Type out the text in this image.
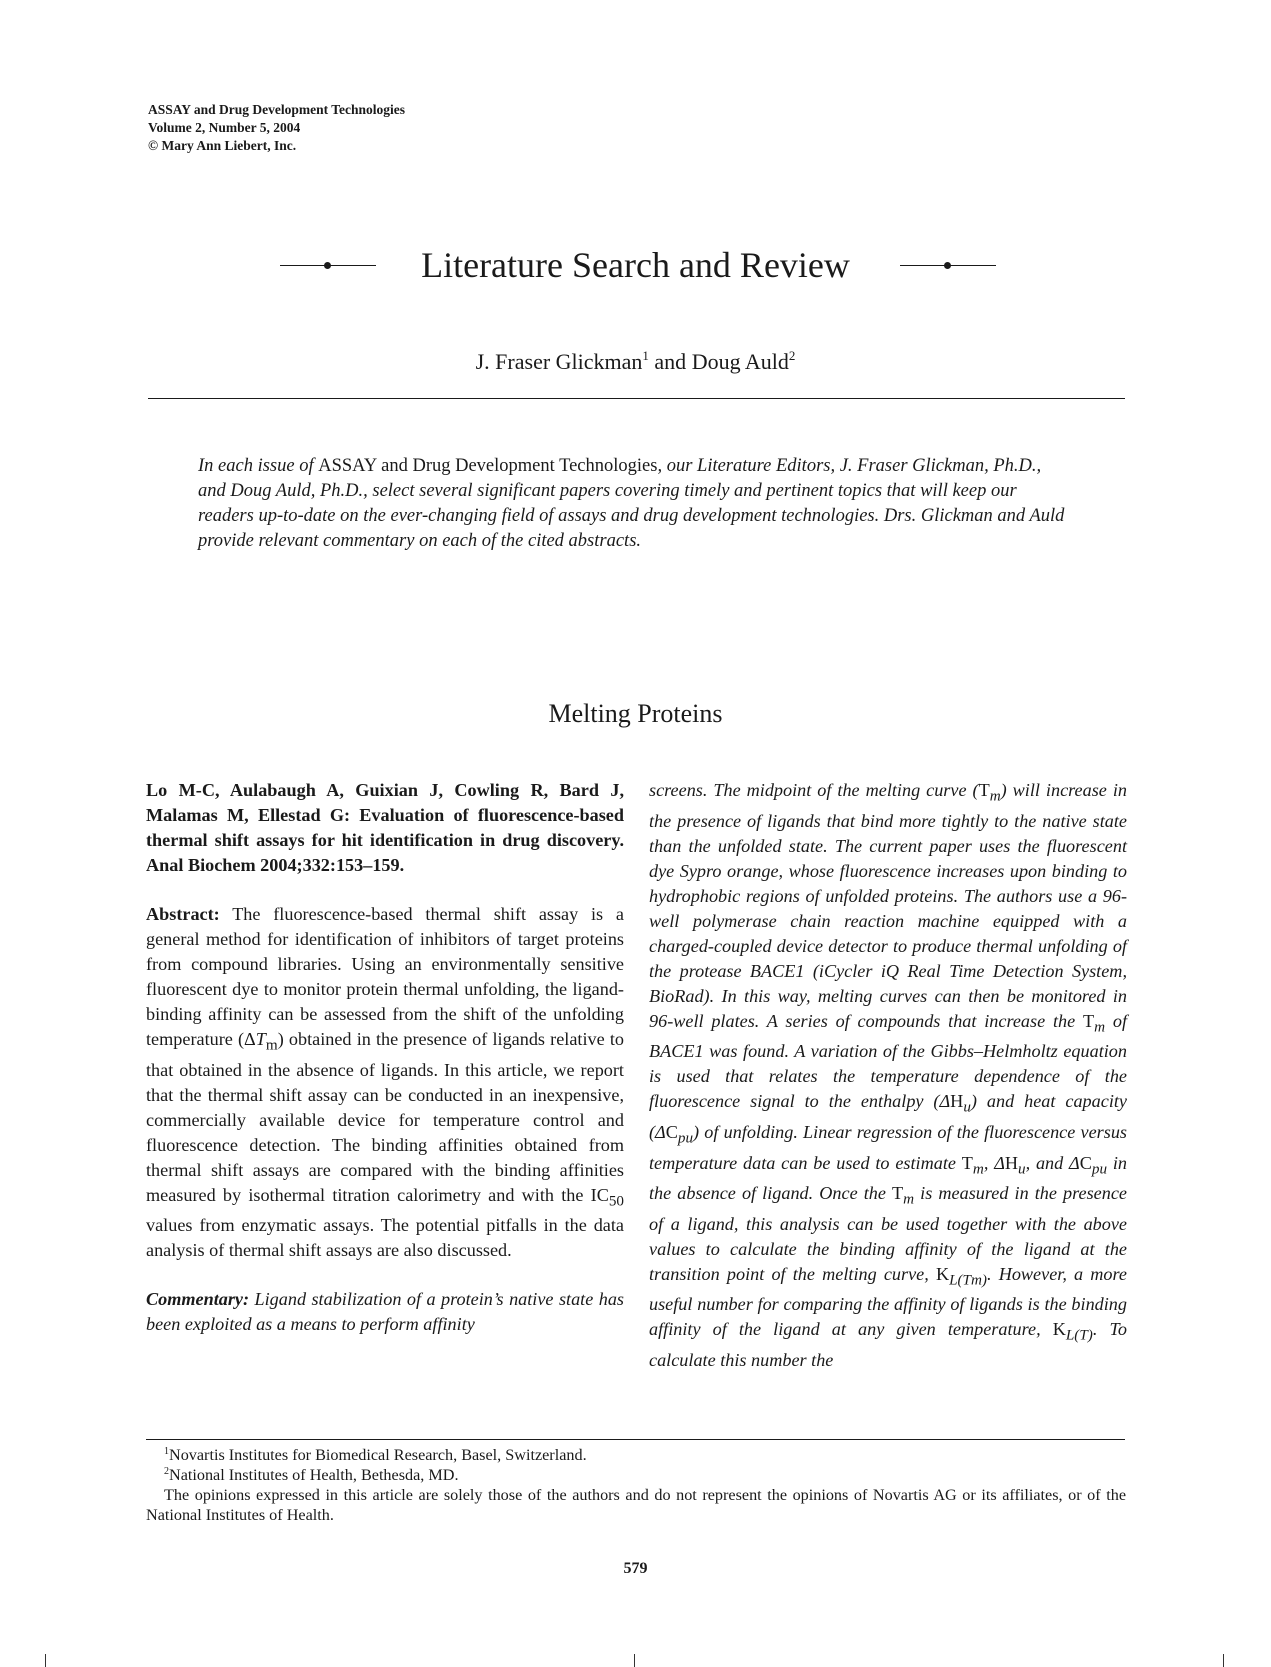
ASSAY and Drug Development Technologies
Volume 2, Number 5, 2004
© Mary Ann Liebert, Inc.
Literature Search and Review
J. Fraser Glickman$^1$ and Doug Auld$^2$
In each issue of ASSAY and Drug Development Technologies, our Literature Editors, J. Fraser Glickman, Ph.D., and Doug Auld, Ph.D., select several significant papers covering timely and pertinent topics that will keep our readers up-to-date on the ever-changing field of assays and drug development technologies. Drs. Glickman and Auld provide relevant commentary on each of the cited abstracts.
Melting Proteins

Lo M-C, Aulabaugh A, Guixian J, Cowling R, Bard J, Malamas M, Ellestad G: Evaluation of fluorescence-based thermal shift assays for hit identification in drug discovery. Anal Biochem 2004;332:153–159.

Abstract: The fluorescence-based thermal shift assay is a general method for identification of inhibitors of target proteins from compound libraries. Using an environmentally sensitive fluorescent dye to monitor protein thermal unfolding, the ligand-binding affinity can be assessed from the shift of the unfolding temperature $(\Delta T_m)$ obtained in the presence of ligands relative to that obtained in the absence of ligands. In this article, we report that the thermal shift assay can be conducted in an inexpensive, commercially available device for temperature control and fluorescence detection. The binding affinities obtained from thermal shift assays are compared with the binding affinities measured by isothermal titration calorimetry and with the $IC_{50}$ values from enzymatic assays. The potential pitfalls in the data analysis of thermal shift assays are also discussed.

Commentary: Ligand stabilization of a protein’s native state has been exploited as a means to perform affinity

screens. The midpoint of the melting curve $(T_m)$ will increase in the presence of ligands that bind more tightly to the native state than the unfolded state. The current paper uses the fluorescent dye Sypro orange, whose fluorescence increases upon binding to hydrophobic regions of unfolded proteins. The authors use a 96-well polymerase chain reaction machine equipped with a charged-coupled device detector to produce thermal unfolding of the protease BACE1 (iCycler iQ Real Time Detection System, BioRad). In this way, melting curves can then be monitored in 96-well plates. A series of compounds that increase the $T_m$ of BACE1 was found. A variation of the Gibbs–Helmholtz equation is used that relates the temperature dependence of the fluorescence signal to the enthalpy $(\Delta H_u)$ and heat capacity $(\Delta C_{pu})$ of unfolding. Linear regression of the fluorescence versus temperature data can be used to estimate $T_m$, $\Delta H_u$, and $\Delta C_{pu}$ in the absence of ligand. Once the $T_m$ is measured in the presence of a ligand, this analysis can be used together with the above values to calculate the binding affinity of the ligand at the transition point of the melting curve, $K_{L(Tm)}$. However, a more useful number for comparing the affinity of ligands is the binding affinity of the ligand at any given temperature, $K_{L(T)}$. To calculate this number the

$^1$Novartis Institutes for Biomedical Research, Basel, Switzerland.

$^2$National Institutes of Health, Bethesda, MD.

The opinions expressed in this article are solely those of the authors and do not represent the opinions of Novartis AG or its affiliates, or of the National Institutes of Health.

579
